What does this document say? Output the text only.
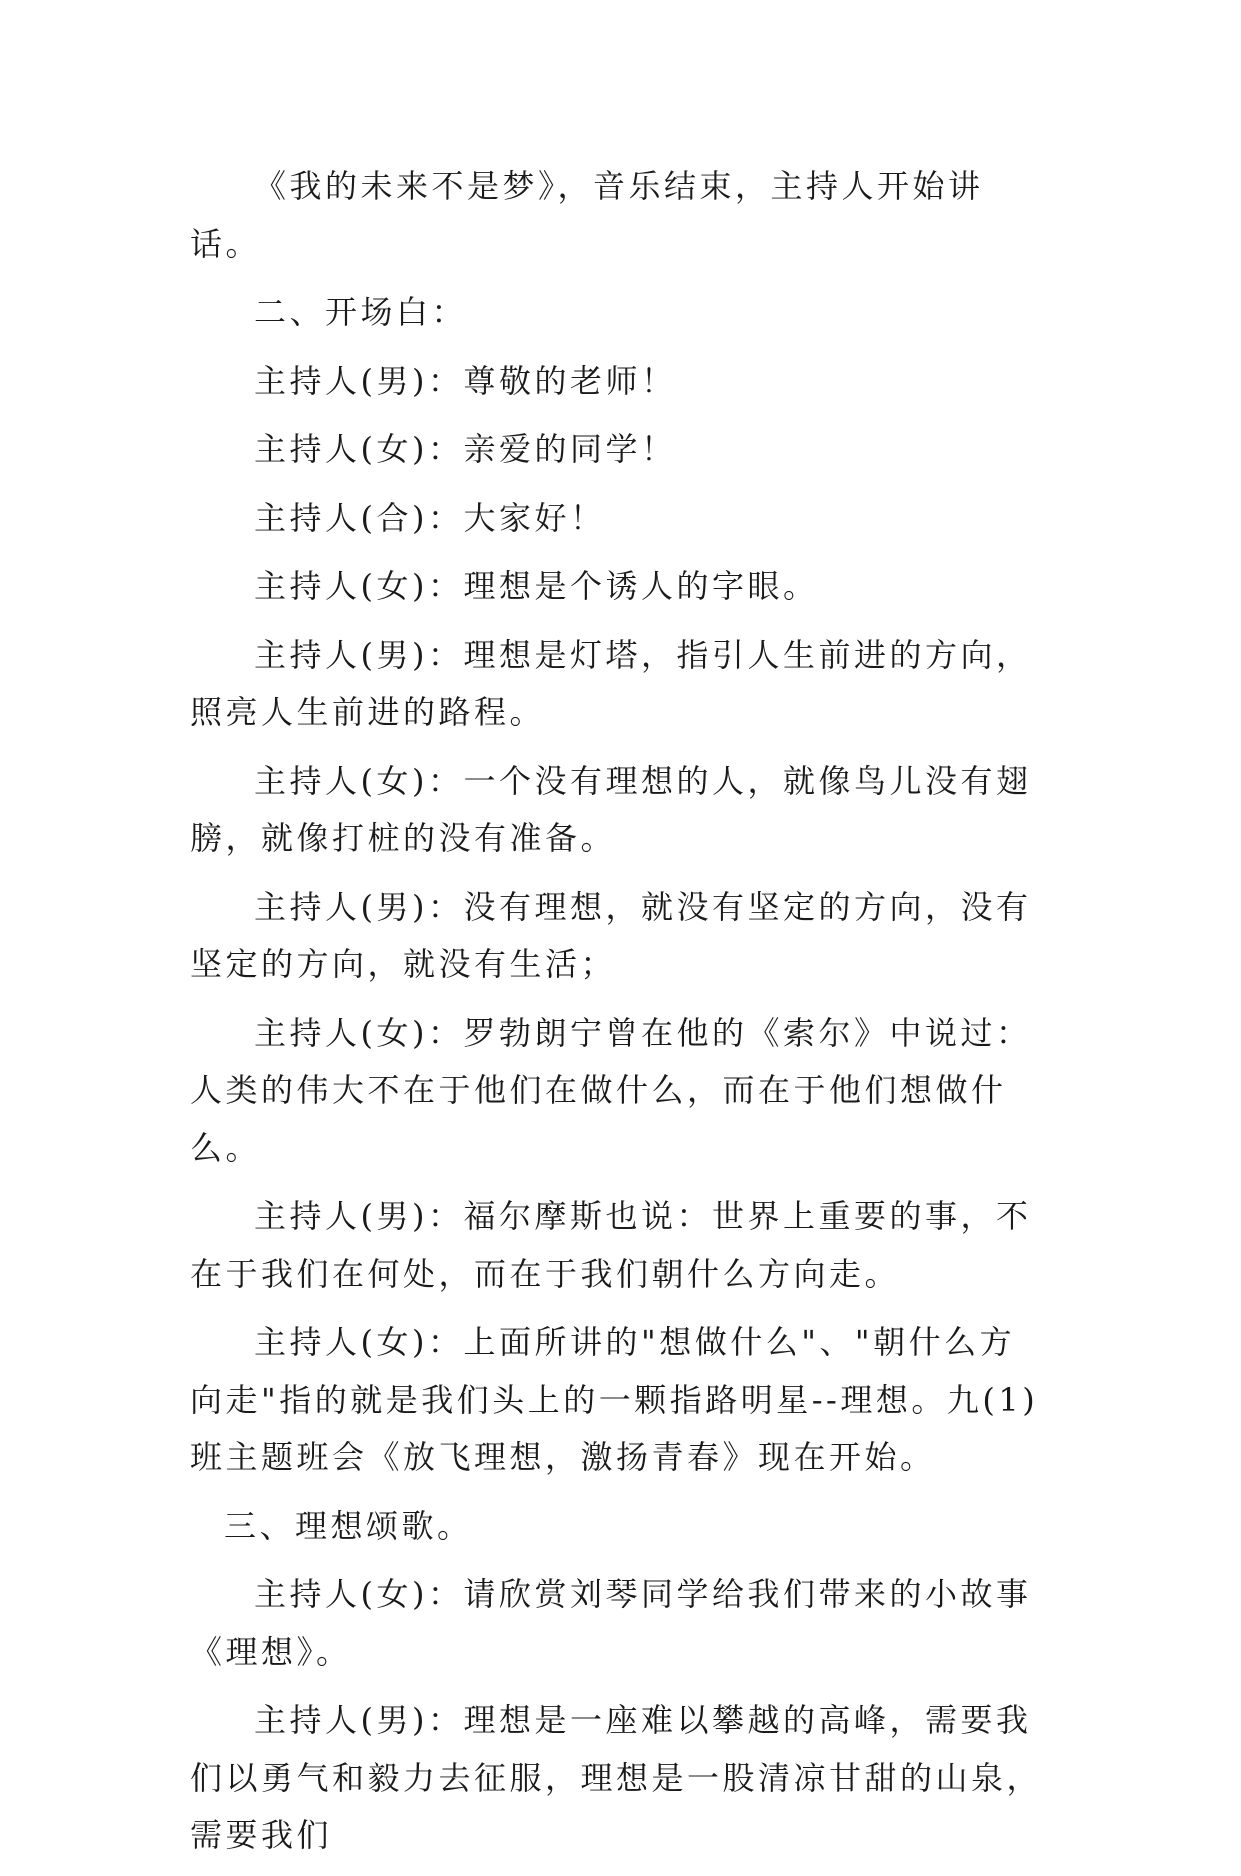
《我的未来不是梦》，音乐结束，主持人开始讲话。

二、开场白：

主持人(男)：尊敬的老师！

主持人(女)：亲爱的同学！

主持人(合)：大家好！

主持人(女)：理想是个诱人的字眼。

主持人(男)：理想是灯塔，指引人生前进的方向，照亮人生前进的路程。

主持人(女)：一个没有理想的人，就像鸟儿没有翅膀，就像打桩的没有准备。

主持人(男)：没有理想，就没有坚定的方向，没有坚定的方向，就没有生活；

主持人(女)：罗勃朗宁曾在他的《索尔》中说过：人类的伟大不在于他们在做什么，而在于他们想做什么。

主持人(男)：福尔摩斯也说：世界上重要的事，不在于我们在何处，而在于我们朝什么方向走。

主持人(女)：上面所讲的"想做什么"、"朝什么方向走"指的就是我们头上的一颗指路明星--理想。九(1)班主题班会《放飞理想，激扬青春》现在开始。

三、理想颂歌。

主持人(女)：请欣赏刘琴同学给我们带来的小故事《理想》。

主持人(男)：理想是一座难以攀越的高峰，需要我们以勇气和毅力去征服，理想是一股清凉甘甜的山泉，需要我们
